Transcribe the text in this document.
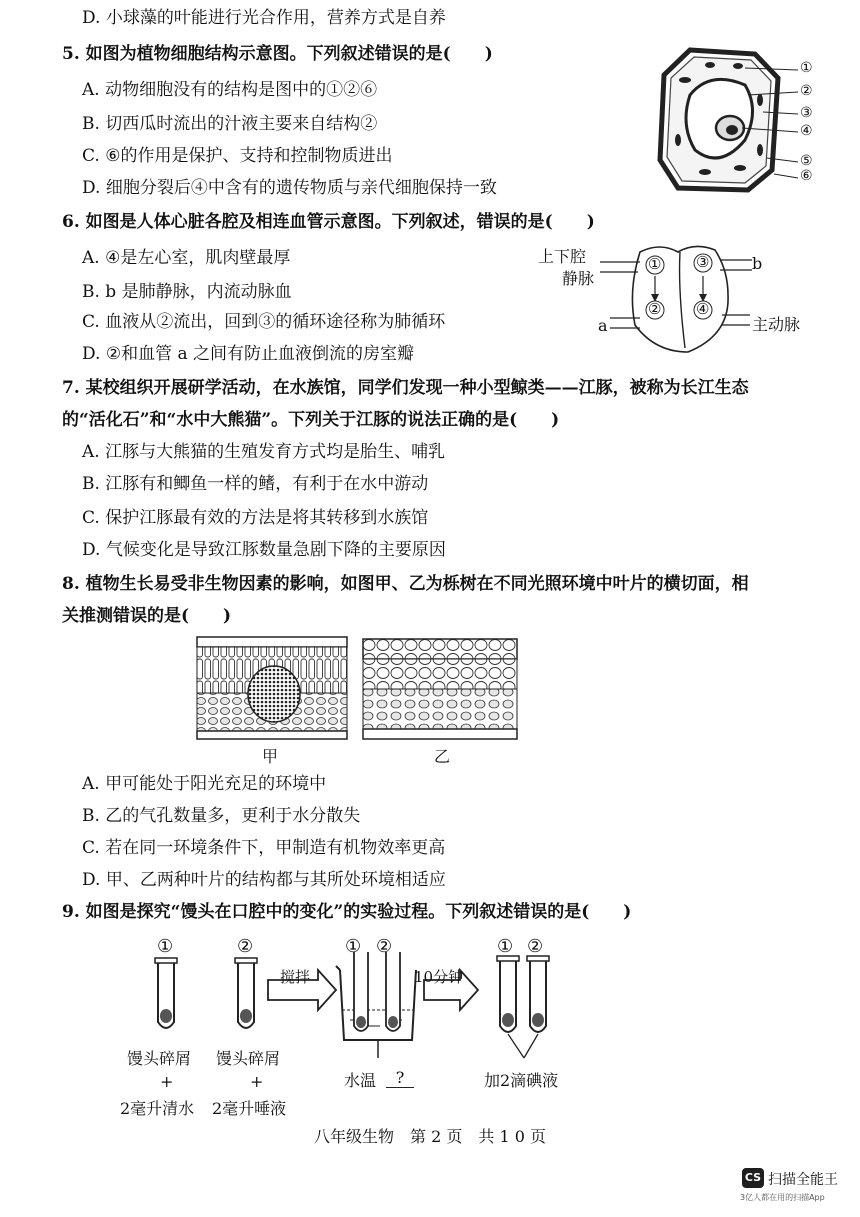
D. 小球藻的叶能进行光合作用，营养方式是自养
5. 如图为植物细胞结构示意图。下列叙述错误的是(　　)
A. 动物细胞没有的结构是图中的①②⑥
B. 切西瓜时流出的汁液主要来自结构②
C. ⑥的作用是保护、支持和控制物质进出
D. 细胞分裂后④中含有的遗传物质与亲代细胞保持一致
①
②
③
④
⑤
⑥
6. 如图是人体心脏各腔及相连血管示意图。下列叙述，错误的是(　　)
A. ④是左心室，肌肉壁最厚
B. b 是肺静脉，内流动脉血
C. 血液从②流出，回到③的循环途径称为肺循环
D. ②和血管 a 之间有防止血液倒流的房室瓣
①
②
③
④
上下腔
静脉
b
a	主动脉
7. 某校组织开展研学活动，在水族馆，同学们发现一种小型鲸类——江豚，被称为长江生态
的“活化石”和“水中大熊猫”。下列关于江豚的说法正确的是(　　)
A. 江豚与大熊猫的生殖发育方式均是胎生、哺乳
B. 江豚有和鲫鱼一样的鳍，有利于在水中游动
C. 保护江豚最有效的方法是将其转移到水族馆
D. 气候变化是导致江豚数量急剧下降的主要原因
8. 植物生长易受非生物因素的影响，如图甲、乙为栎树在不同光照环境中叶片的横切面，相
关推测错误的是(　　)
甲	乙
A. 甲可能处于阳光充足的环境中
B. 乙的气孔数量多，更利于水分散失
C. 若在同一环境条件下，甲制造有机物效率更高
D. 甲、乙两种叶片的结构都与其所处环境相适应
9. 如图是探究“馒头在口腔中的变化”的实验过程。下列叙述错误的是(　　)
①	②	① ②	① ②
搅拌	10分钟
馒头碎屑 馒头碎屑
+	+
2毫升清水 2毫升唾液
水温	?	加2滴碘液
八年级生物　第 2 页　共 1 0 页
CS 扫描全能王
3亿人都在用的扫描App
